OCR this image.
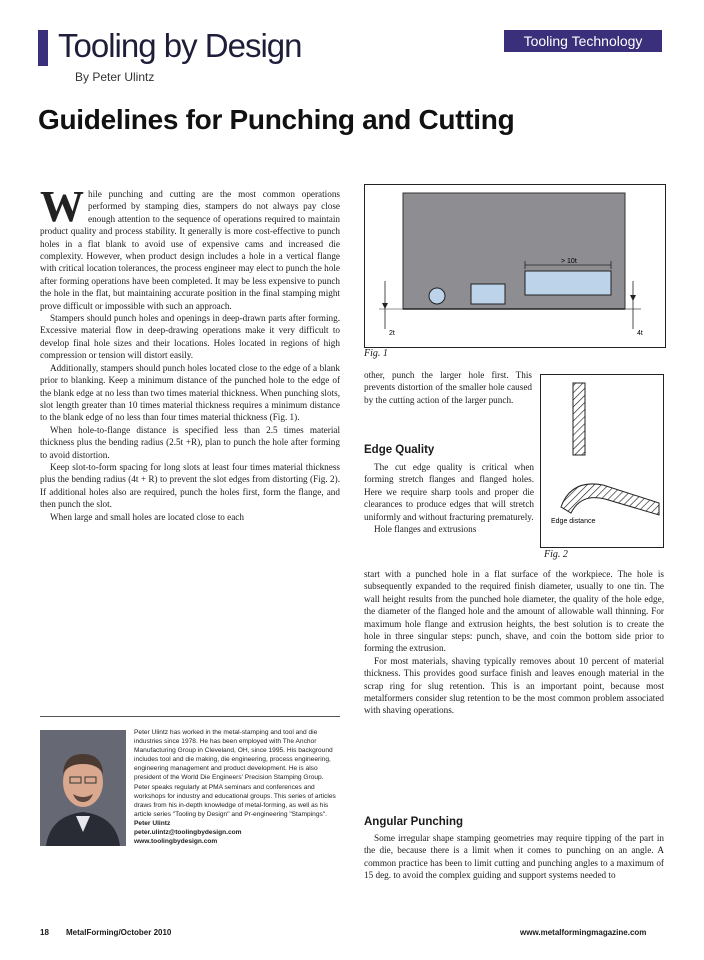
Tooling by Design
By Peter Ulintz
Tooling Technology
Guidelines for Punching and Cutting

While punching and cutting are the most common operations performed by stamping dies, stampers do not always pay close enough attention to the sequence of operations required to maintain product quality and process stability. It generally is more cost-effective to punch holes in a flat blank to avoid use of expensive cams and increased die complexity. However, when product design includes a hole in a vertical flange with critical location tolerances, the process engineer may elect to punch the hole after forming operations have been completed. It may be less expensive to punch the hole in the flat, but maintaining accurate position in the final stamping might prove difficult or impossible with such an approach.

Stampers should punch holes and openings in deep-drawn parts after forming. Excessive material flow in deep-drawing operations make it very difficult to develop final hole sizes and their locations. Holes located in regions of high compression or tension will distort easily.

Additionally, stampers should punch holes located close to the edge of a blank prior to blanking. Keep a minimum distance of the punched hole to the edge of the blank edge at no less than two times material thickness. When punching slots, slot length greater than 10 times material thickness requires a minimum distance to the blank edge of no less than four times material thickness (Fig. 1).

When hole-to-flange distance is specified less than 2.5 times material thickness plus the bending radius (2.5t +R), plan to punch the hole after forming to avoid distortion.

Keep slot-to-form spacing for long slots at least four times material thickness plus the bending radius (4t + R) to prevent the slot edges from distorting (Fig. 2). If additional holes also are required, punch the holes first, form the flange, and then punch the slot.

When large and small holes are located close to each

> 10t
2t	4t
Fig. 1

other, punch the larger hole first. This prevents distortion of the smaller hole caused by the cutting action of the larger punch.

Edge distance
Fig. 2
Edge Quality

The cut edge quality is critical when forming stretch flanges and flanged holes. Here we require sharp tools and proper die clearances to produce edges that will stretch uniformly and without fracturing prematurely.

Hole flanges and extrusions

start with a punched hole in a flat surface of the workpiece. The hole is subsequently expanded to the required finish diameter, usually to one tin. The wall height results from the punched hole diameter, the quality of the hole edge, the diameter of the flanged hole and the amount of allowable wall thinning. For maximum hole flange and extrusion heights, the best solution is to create the hole in three singular steps: punch, shave, and coin the bottom side prior to forming the extrusion.

For most materials, shaving typically removes about 10 percent of material thickness. This provides good surface finish and leaves enough material in the scrap ring for slug retention. This is an important point, because most metalformers consider slug retention to be the most common problem associated with shaving operations.

Angular Punching

Some irregular shape stamping geometries may require tipping of the part in the die, because there is a limit when it comes to punching on an angle. A common practice has been to limit cutting and punching angles to a maximum of 15 deg. to avoid the complex guiding and support systems needed to

Peter Ulintz has worked in the metal-stamping and tool and die industries since 1978. He has been employed with The Anchor Manufacturing Group in Cleveland, OH, since 1995. His background includes tool and die making, die engineering, process engineering, engineering management and product development. He is also president of the World Die Engineers' Precision Stamping Group. Peter speaks regularly at PMA seminars and conferences and workshops for industry and educational groups. This series of articles draws from his in-depth knowledge of metal-forming, as well as his article series "Tooling by Design" and Pr-engineering "Stampings".

Peter Ulintz

peter.ulintz@toolingbydesign.com

www.toolingbydesign.com

18 MetalForming/October 2010	www.metalformingmagazine.com
